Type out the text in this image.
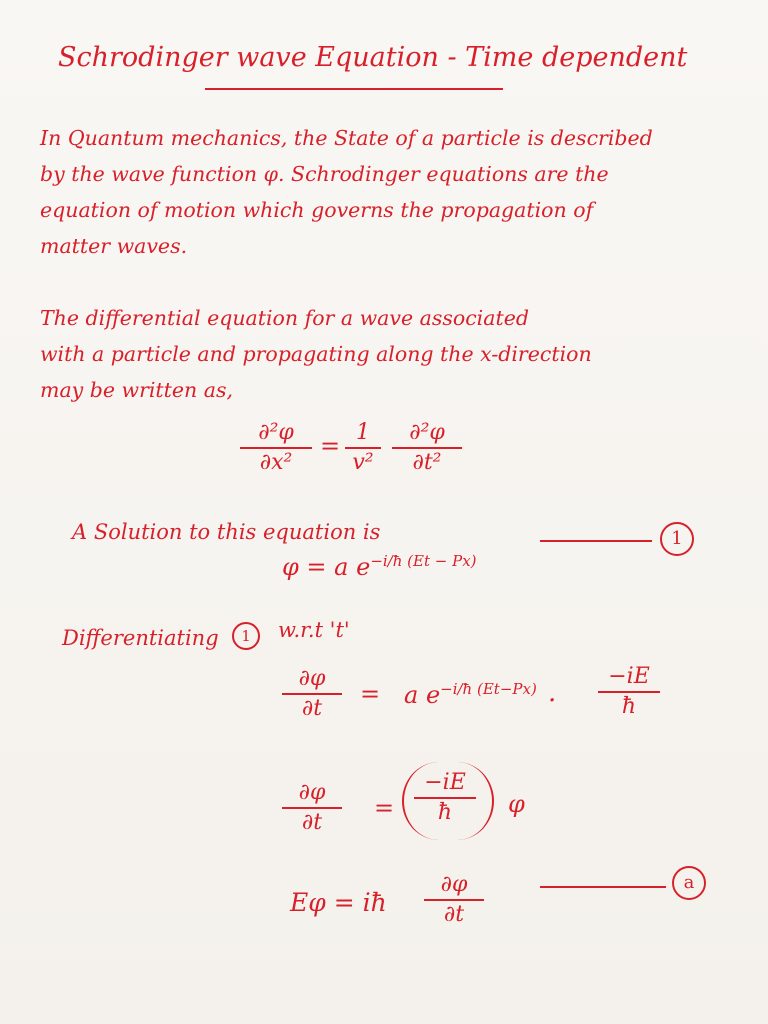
Schrodinger wave Equation - Time dependent
In Quantum mechanics, the State of a particle is described
by the wave function φ. Schrodinger equations are the
equation of motion which governs the propagation of
matter waves.
The differential equation for a wave associated
with a particle and propagating along the x-direction
may be written as,
∂²φ
∂x²
= 1
v²
∂²φ
∂t²
A Solution to this equation is
φ = a $e^{-i/ħ (Et - Px)}$
1
Differentiating	1	w.r.t 't'
∂φ
∂t
= a $e^{-i/ħ (Et-Px)}$ ·
−iE
ħ
∂φ
∂t
=
−iE
ħ	φ
Eφ = iħ
∂φ
∂t
a
